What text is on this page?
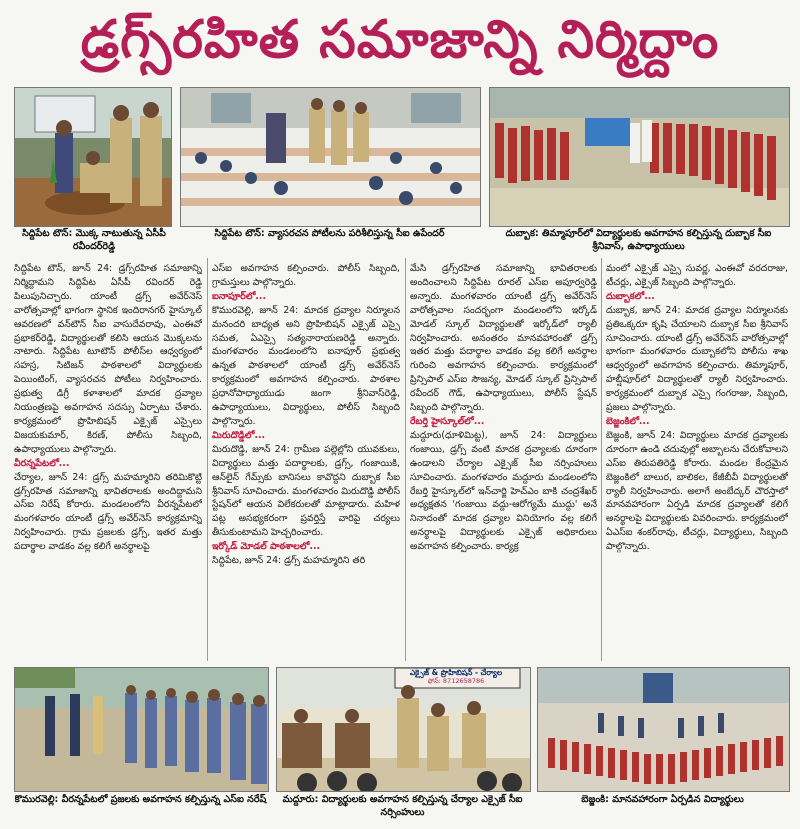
డ్రగ్స్‌రహిత సమాజాన్ని నిర్మిద్దాం
సిద్దిపేట టౌన్: మొక్క నాటుతున్న ఏసీపీ రవీందర్‌రెడ్డి
సిద్దిపేట టౌన్: వ్యాసరచన పోటీలను పరిశీలిస్తున్న సీఐ ఉపేందర్	దుబ్బాక: తిమ్మాపూర్‌లో విద్యార్థులకు అవగాహన కల్పిస్తున్న దుబ్బాక సీఐ శ్రీనివాస్, ఉపాధ్యాయులు

సిద్దిపేట టౌన్, జూన్ 24: డ్రగ్స్‌రహిత సమాజాన్ని నిర్మిద్దామని సిద్దిపేట ఏసీపీ రవిందర్ రెడ్డి పిలుపునిచ్చారు. యాంటీ డ్రగ్స్ అవేర్‌నెస్ వారోత్సవాల్లో భాగంగా స్థానిక ఇందిరానగర్ హైస్కూల్ ఆవరణలో వన్‌టౌన్ సీఐ వాసుదేవరావు, ఎంఈవో ప్రభాకర్‌రెడ్డి, విద్యార్థులతో కలిసి ఆయన మొక్కలను నాటారు. సిద్దిపేట టూటౌన్ పోలీస్‌ల ఆధ్వర్యంలో సహస్ర, సిటిజన్ పాఠశాలలో విద్యార్థులకు పెయింటింగ్, వ్యాసరచన పోటీలు నిర్వహించారు. ప్రభుత్వ డిగ్రీ కళాశాలలో మాదక ద్రవ్యాల నియంత్రణపై అవగాహన సదస్సు ఏర్పాటు చేశారు. కార్యక్రమంలో ప్రొహిబిషన్ ఎక్సైజ్ ఎస్సైలు విజయకుమార్, కిరణ్, పోలీసు సిబ్బంది, ఉపాధ్యాయులు పాల్గొన్నారు.

వీరన్నపేటలో...

చేర్యాల, జూన్ 24: డ్రగ్స్ మహమ్మారిని తరిమికొట్టి డ్రగ్స్‌రహిత సమాజాన్ని భావితరాలకు అందిద్దామని ఎస్‌ఐ నిరేష్ కోరారు. మండలంలోని వీరన్నపేటలో మంగళవారం యాంటీ డ్రగ్స్ అవేర్‌నెస్ కార్యక్రమాన్ని నిర్వహించారు. గ్రామ ప్రజలకు డ్రగ్స్, ఇతర మత్తు పదార్థాల వాడకం వల్ల కలిగే అనర్థాలపై

ఎస్‌ఐ అవగాహన కల్పించారు. పోలీస్ సిబ్బంది, గ్రామస్తులు పాల్గొన్నారు.

ఐనాపూర్‌లో...

కొమురవెల్లి, జూన్ 24: మాదక ద్రవ్యాల నిర్మూలన మనందరి బాధ్యత అని ప్రొహిబిషన్ ఎక్సైజ్ ఎస్సై సమత, ఏఎస్సై సత్యనారాయణరెడ్డి అన్నారు. మంగళవారం మండలంలోని ఐనాపూర్ ప్రభుత్వ ఉన్నత పాఠశాలలో యాంటీ డ్రగ్స్ అవేర్‌నెస్ కార్యక్రమంలో అవగాహన కల్పించారు. పాఠశాల ప్రధానోపాధ్యాయుడు జంగా శ్రీనివాస్‌రెడ్డి, ఉపాధ్యాయులు, విద్యార్థులు, పోలీస్ సిబ్బంది పాల్గొన్నారు.

మిరుదొడ్డిలో...

మిరుదొడ్డి, జూన్ 24: గ్రామీణ పల్లెల్లోని యువకులు, విద్యార్థులు మత్తు పదార్థాలకు, డ్రగ్స్, గంజాయికి, ఆన్‌లైన్ గేమ్స్‌కు బానిసలు కావొద్దని దుబ్బాక సీఐ శ్రీనివాస్ సూచించారు. మంగళవారం మిరుదొడ్డి పోలీస్ స్టేషన్‌లో ఆయన విలేకరులతో మాట్లాడారు. మహిళ పట్ల అసభ్యకరంగా ప్రవర్తిస్తే వారిపై చర్యలు తీసుకుంటామని హెచ్చరించారు.

ఇర్కోడ్ మోడల్ పాఠశాలలో...

సిద్దిపేట, జూన్ 24: డ్రగ్స్ మహమ్మారిని తరి

మేసి డ్రగ్స్‌రహిత సమాజాన్ని భావితరాలకు అందించాలని సిద్దిపేట రూరల్ ఎస్‌ఐ అపూర్వరెడ్డి అన్నారు. మంగళవారం యాంటీ డ్రగ్స్ అవేర్‌నెస్ వారోత్సవాల సందర్భంగా మండలంలోని ఇర్కోడ్ మోడల్ స్కూల్ విద్యార్థులతో ఇర్కోడ్‌లో ర్యాలీ నిర్వహించారు. అనంతరం మానవహారంతో డ్రగ్స్ ఇతర మత్తు పదార్థాల వాడకం వల్ల కలిగే అనర్థాల గురించి అవగాహన కల్పించారు. కార్యక్రమంలో ప్రిన్సిపాల్ ఎస్‌ఐ సౌజన్య, మోడల్ స్కూల్ ప్రిన్సిపాల్ రవీందర్ గౌడ్, ఉపాధ్యాయులు, పోలీస్ స్టేషన్ సిబ్బంది పాల్గొన్నారు.

రేబర్తి హైస్కూల్‌లో...

మద్దూరు(ధూళిమిట్ట), జూన్ 24: విద్యార్థులు గంజాయి, డ్రగ్స్ వంటి మాదక ద్రవ్యాలకు దూరంగా ఉండాలని చేర్యాల ఎక్సైజ్ సీఐ నర్సింహులు సూచించారు. మంగళవారం మద్దూరు మండలంలోని రేబర్తి హైస్కూల్‌లో ఇన్‌చార్జి హెచ్‌ఎం బాకి చంద్రశేఖర్ అధ్యక్షతన 'గంజాయి వద్దు-ఆరోగ్యమే ముద్దు' అనే నినాదంతో మాదక ద్రవ్యాల వినియోగం వల్ల కలిగే అనర్థాలపై విద్యార్థులకు ఎక్సైజ్ అధికారులు అవగాహన కల్పించారు. కార్యక్ర

మంలో ఎక్సైజ్ ఎస్సై సువర్ణ, ఎంఈవో వరదరాజు, టీచర్లు, ఎక్సైజ్ సిబ్బంది పాల్గొన్నారు.

దుబ్బాకలో...

దుబ్బాక, జూన్ 24: మాదక ద్రవ్యాల నిర్మూలనకు ప్రతిఒక్కరూ కృషి చేయాలని దుబ్బాక సీఐ శ్రీనివాస్ సూచించారు. యాంటీ డ్రగ్స్ అవేర్‌నెస్ వారోత్సవాల్లో భాగంగా మంగళవారం దుబ్బాకలోని పోలీసు శాఖ ఆధ్వర్యంలో అవగాహన కల్పించారు. తిమ్మాపూర్, హబ్షీపూర్‌లో విద్యార్థులతో ర్యాలీ నిర్వహించారు. కార్యక్రమంలో దుబ్బాక ఎస్సై గంగరాజు, సిబ్బంది, ప్రజలు పాల్గొన్నారు.

బెజ్జంకిలో...

బెజ్జంకి, జూన్ 24: విద్యార్థులు మాదక ద్రవ్యాలకు దూరంగా ఉండి చదువుల్లో అబ్బాలను చేరుకోవాలని ఎస్‌ఐ తిరుపతిరెడ్డి కోరారు. మండల కేంద్రమైన బెజ్జంకిలో బాలుర, బాలికల, కేజీబీవీ విద్యార్థులతో ర్యాలీ నిర్వహించారు. అలాగే అంబేద్కర్ చౌరస్తాలో మానవహారంగా ఏర్పడి మాదక ద్రవ్యాలతో కలిగే అనర్థాలపై విద్యార్థులకు వివరించారు. కార్యక్రమంలో ఏఎస్‌ఐ శంకర్‌రావు, టీచర్లు, విద్యార్థులు, సిబ్బంది పాల్గొన్నారు.

కొమురవెల్లి: వీరన్నపేటలో ప్రజలకు అవగాహన కల్పిస్తున్న ఎస్‌ఐ నరేష్
ఎక్సైజ్ & ప్రొహిబిషన్ - చేర్యాల
ఫోన్: 8712658786
మద్దూరు: విద్యార్థులకు అవగాహన కల్పిస్తున్న చేర్యాల ఎక్సైజ్ సీఐ నర్సింహులు
బెజ్జంకి: మానవహారంగా ఏర్పడిన విద్యార్థులు
